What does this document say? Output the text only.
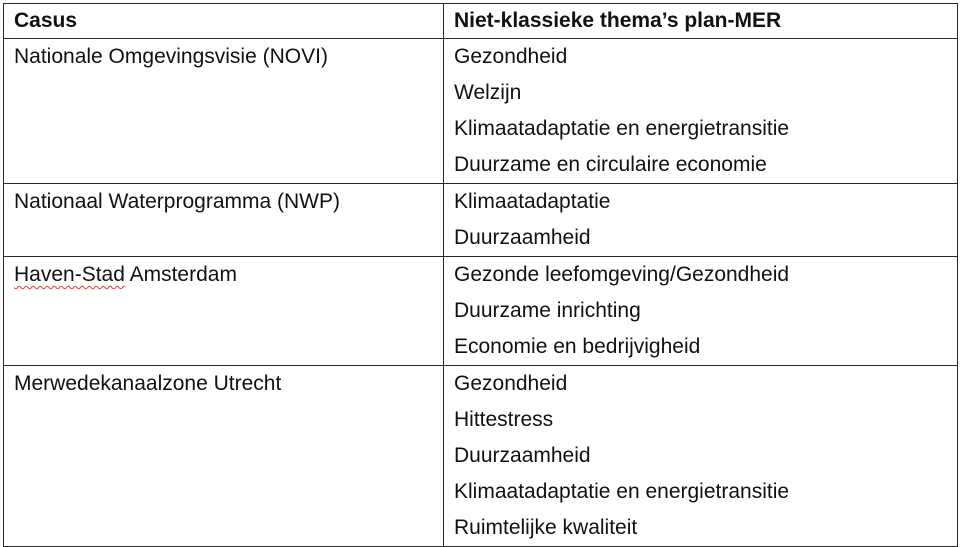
Casus	Niet-klassieke thema’s plan-MER

Nationale Omgevingsvisie (NOVI)	Gezondheid
Welzijn
Klimaatadaptatie en energietransitie
Duurzame en circulaire economie

Nationaal Waterprogramma (NWP)	Klimaatadaptatie
Duurzaamheid

Haven-Stad Amsterdam	Gezonde leefomgeving/Gezondheid
Duurzame inrichting
Economie en bedrijvigheid

Merwedekanaalzone Utrecht	Gezondheid
Hittestress
Duurzaamheid
Klimaatadaptatie en energietransitie
Ruimtelijke kwaliteit
